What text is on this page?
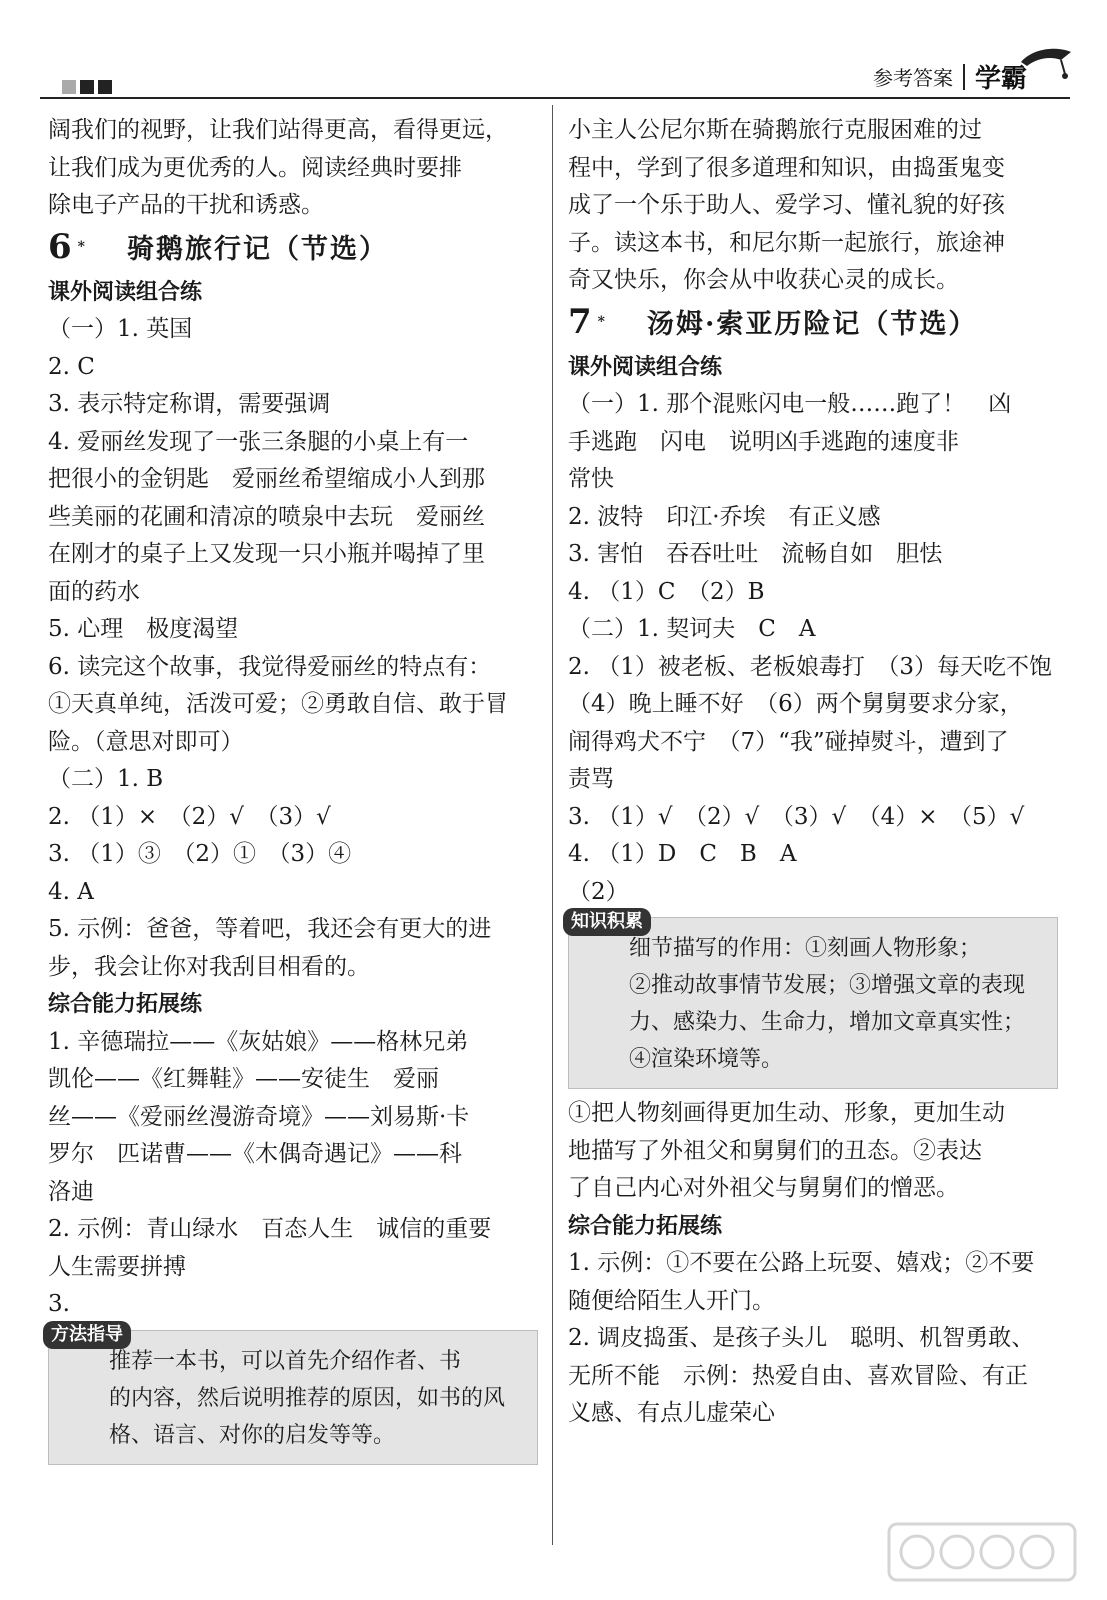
参考答案 学霸

阔我们的视野，让我们站得更高，看得更远，

让我们成为更优秀的人。阅读经典时要排

除电子产品的干扰和诱惑。

6 * 骑鹅旅行记（节选）

课外阅读组合练

（一）1. 英国

2. C

3. 表示特定称谓，需要强调

4. 爱丽丝发现了一张三条腿的小桌上有一

把很小的金钥匙　爱丽丝希望缩成小人到那

些美丽的花圃和清凉的喷泉中去玩　爱丽丝

在刚才的桌子上又发现一只小瓶并喝掉了里

面的药水

5. 心理　极度渴望

6. 读完这个故事，我觉得爱丽丝的特点有：

①天真单纯，活泼可爱；②勇敢自信、敢于冒

险。（意思对即可）

（二）1. B

2. （1）×　（2）√　（3）√

3. （1）③　（2）①　（3）④

4. A

5. 示例：爸爸，等着吧，我还会有更大的进

步，我会让你对我刮目相看的。

综合能力拓展练

1. 辛德瑞拉——《灰姑娘》——格林兄弟

凯伦——《红舞鞋》——安徒生　爱丽

丝——《爱丽丝漫游奇境》——刘易斯·卡

罗尔　匹诺曹——《木偶奇遇记》——科

洛迪

2. 示例：青山绿水　百态人生　诚信的重要

人生需要拼搏

3.

方法指导

推荐一本书，可以首先介绍作者、书

的内容，然后说明推荐的原因，如书的风

格、语言、对你的启发等等。

小主人公尼尔斯在骑鹅旅行克服困难的过

程中，学到了很多道理和知识，由捣蛋鬼变

成了一个乐于助人、爱学习、懂礼貌的好孩

子。读这本书，和尼尔斯一起旅行，旅途神

奇又快乐，你会从中收获心灵的成长。

7 * 汤姆·索亚历险记（节选）

课外阅读组合练

（一）1. 那个混账闪电一般……跑了！　凶

手逃跑　闪电　说明凶手逃跑的速度非

常快

2. 波特　印江·乔埃　有正义感

3. 害怕　吞吞吐吐　流畅自如　胆怯

4. （1）C　（2）B

（二）1. 契诃夫　C　A

2. （1）被老板、老板娘毒打　（3）每天吃不饱

（4）晚上睡不好　（6）两个舅舅要求分家，

闹得鸡犬不宁　（7）“我”碰掉熨斗，遭到了

责骂

3. （1）√　（2）√　（3）√　（4）×　（5）√

4. （1）D　C　B　A

（2）

知识积累

细节描写的作用：①刻画人物形象；

②推动故事情节发展；③增强文章的表现

力、感染力、生命力，增加文章真实性；

④渲染环境等。

①把人物刻画得更加生动、形象，更加生动

地描写了外祖父和舅舅们的丑态。②表达

了自己内心对外祖父与舅舅们的憎恶。

综合能力拓展练

1. 示例：①不要在公路上玩耍、嬉戏；②不要

随便给陌生人开门。

2. 调皮捣蛋、是孩子头儿　聪明、机智勇敢、

无所不能　示例：热爱自由、喜欢冒险、有正

义感、有点儿虚荣心
